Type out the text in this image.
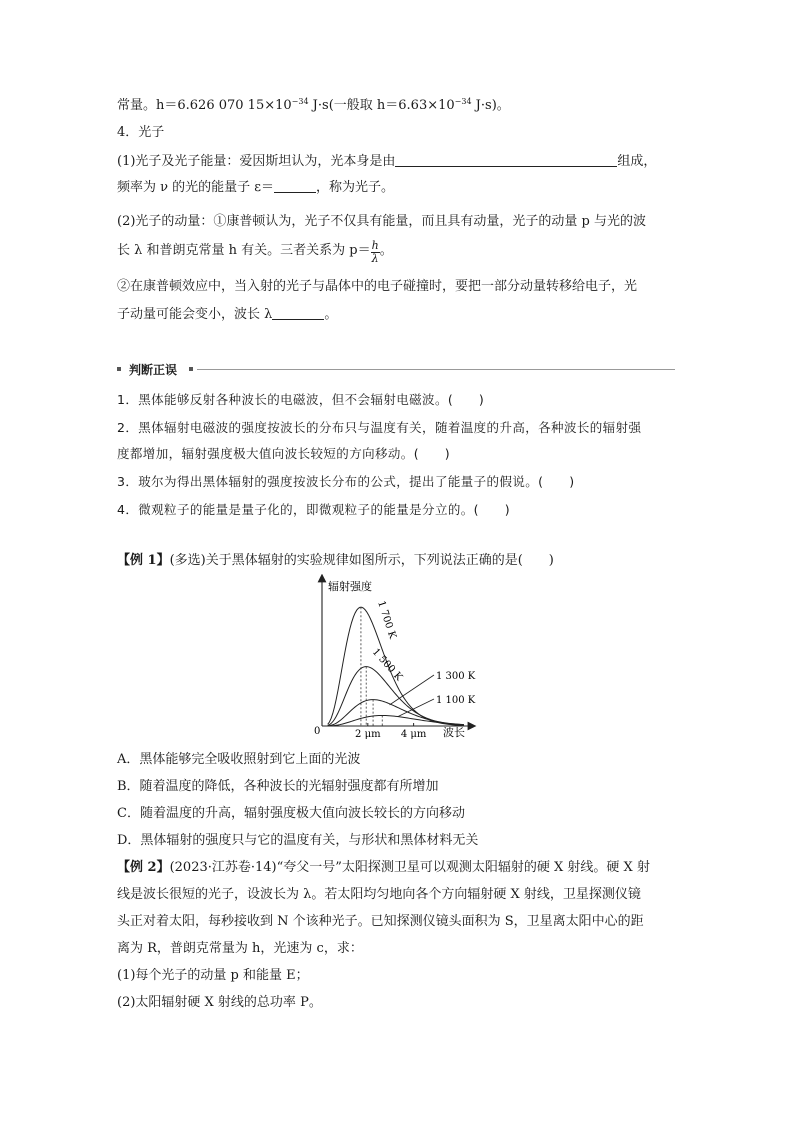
常量。h＝6.626 070 $15\times 10^{-34}$ J·s(一般取 $h=6.63\times 10^{-34}$ J·s)。
4．光子
(1)光子及光子能量：爱因斯坦认为，光本身是由	组成，
频率为 ν 的光的能量子 ε＝	，称为光子。
(2)光子的动量：①康普顿认为，光子不仅具有能量，而且具有动量，光子的动量 p 与光的波
长 λ 和普朗克常量 h 有关。三者关系为 $p= \frac{h}{\lambda}$ 。
②在康普顿效应中，当入射的光子与晶体中的电子碰撞时，要把一部分动量转移给电子，光
子动量可能会变小，波长 λ	。
判断正误
1．黑体能够反射各种波长的电磁波，但不会辐射电磁波。(　　)
2．黑体辐射电磁波的强度按波长的分布只与温度有关，随着温度的升高，各种波长的辐射强
度都增加，辐射强度极大值向波长较短的方向移动。(　　)
3．玻尔为得出黑体辐射的强度按波长分布的公式，提出了能量子的假说。(　　)
4．微观粒子的能量是量子化的，即微观粒子的能量是分立的。(　　)
【例 1】(多选)关于黑体辐射的实验规律如图所示，下列说法正确的是(　　)
辐射强度
波长
0	2 μm 4 μm
1 700 K
1 500 K	1 300 K
1 100 K
A．黑体能够完全吸收照射到它上面的光波
B．随着温度的降低，各种波长的光辐射强度都有所增加
C．随着温度的升高，辐射强度极大值向波长较长的方向移动
D．黑体辐射的强度只与它的温度有关，与形状和黑体材料无关
【例 2】(2023·江苏卷·14)“夸父一号”太阳探测卫星可以观测太阳辐射的硬 X 射线。硬 X 射
线是波长很短的光子，设波长为 λ。若太阳均匀地向各个方向辐射硬 X 射线，卫星探测仪镜
头正对着太阳，每秒接收到 N 个该种光子。已知探测仪镜头面积为 S，卫星离太阳中心的距
离为 R，普朗克常量为 h，光速为 c，求：
(1)每个光子的动量 p 和能量 E；
(2)太阳辐射硬 X 射线的总功率 P。
